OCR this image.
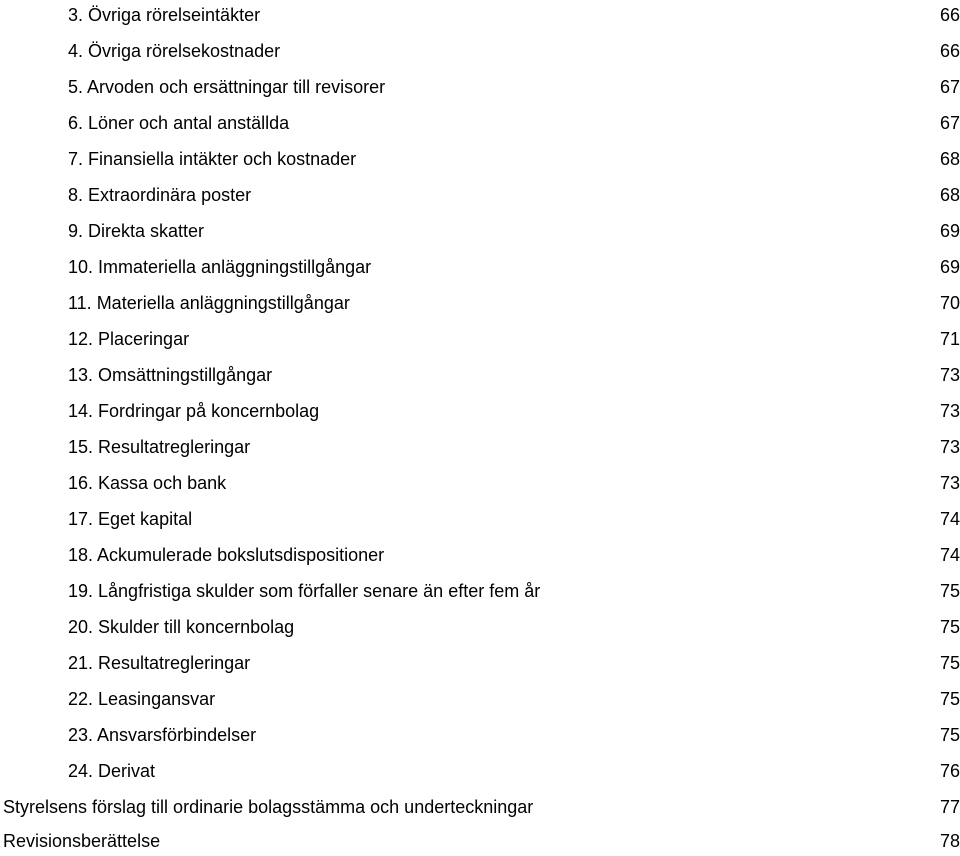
3. Övriga rörelseintäkter	66
4. Övriga rörelsekostnader	66
5. Arvoden och ersättningar till revisorer	67
6. Löner och antal anställda	67
7. Finansiella intäkter och kostnader	68
8. Extraordinära poster	68
9. Direkta skatter	69
10. Immateriella anläggningstillgångar	69
11. Materiella anläggningstillgångar	70
12. Placeringar	71
13. Omsättningstillgångar	73
14. Fordringar på koncernbolag	73
15. Resultatregleringar	73
16. Kassa och bank	73
17. Eget kapital	74
18. Ackumulerade bokslutsdispositioner	74
19. Långfristiga skulder som förfaller senare än efter fem år	75
20. Skulder till koncernbolag	75
21. Resultatregleringar	75
22. Leasingansvar	75
23. Ansvarsförbindelser	75
24. Derivat	76
Styrelsens förslag till ordinarie bolagsstämma och underteckningar	77
Revisionsberättelse	78
